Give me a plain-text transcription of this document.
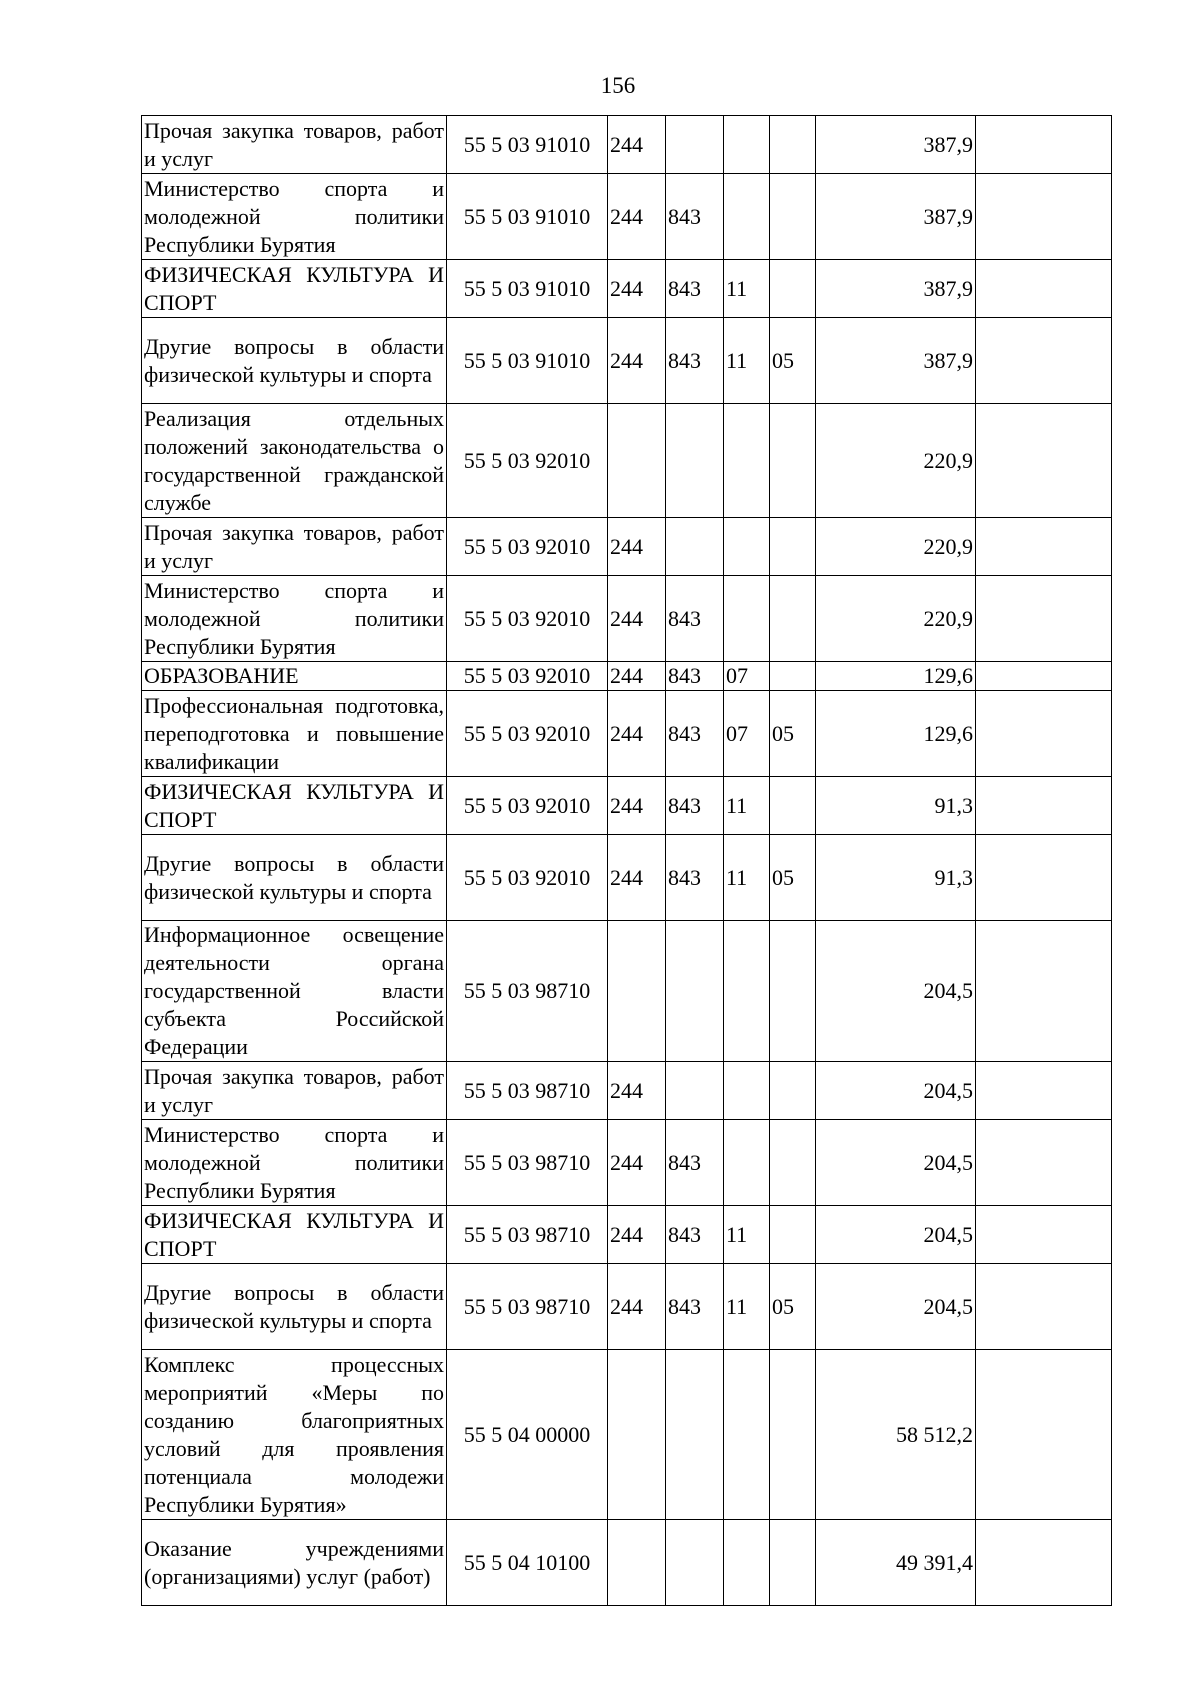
156
Прочая закупка товаров, работ и услуг	55 5 03 91010	244				387,9	
Министерство спорта и молодежной политики Республики Бурятия	55 5 03 91010	244	843			387,9	
ФИЗИЧЕСКАЯ КУЛЬТУРА И СПОРТ	55 5 03 91010	244	843	11		387,9	
Другие вопросы в области физической культуры и спорта	55 5 03 91010	244	843	11	05	387,9	
Реализация отдельных положений законодательства о государственной гражданской службе	55 5 03 92010					220,9	
Прочая закупка товаров, работ и услуг	55 5 03 92010	244				220,9	
Министерство спорта и молодежной политики Республики Бурятия	55 5 03 92010	244	843			220,9	
ОБРАЗОВАНИЕ	55 5 03 92010	244	843	07		129,6	
Профессиональная подготовка, переподготовка и повышение квалификации	55 5 03 92010	244	843	07	05	129,6	
ФИЗИЧЕСКАЯ КУЛЬТУРА И СПОРТ	55 5 03 92010	244	843	11		91,3	
Другие вопросы в области физической культуры и спорта	55 5 03 92010	244	843	11	05	91,3	
Информационное освещение деятельности органа государственной власти субъекта Российской Федерации	55 5 03 98710					204,5	
Прочая закупка товаров, работ и услуг	55 5 03 98710	244				204,5	
Министерство спорта и молодежной политики Республики Бурятия	55 5 03 98710	244	843			204,5	
ФИЗИЧЕСКАЯ КУЛЬТУРА И СПОРТ	55 5 03 98710	244	843	11		204,5	
Другие вопросы в области физической культуры и спорта	55 5 03 98710	244	843	11	05	204,5	
Комплекс процессных мероприятий «Меры по созданию благоприятных условий для проявления потенциала молодежи Республики Бурятия»	55 5 04 00000					58 512,2	
Оказание учреждениями (организациями) услуг (работ)	55 5 04 10100					49 391,4	
